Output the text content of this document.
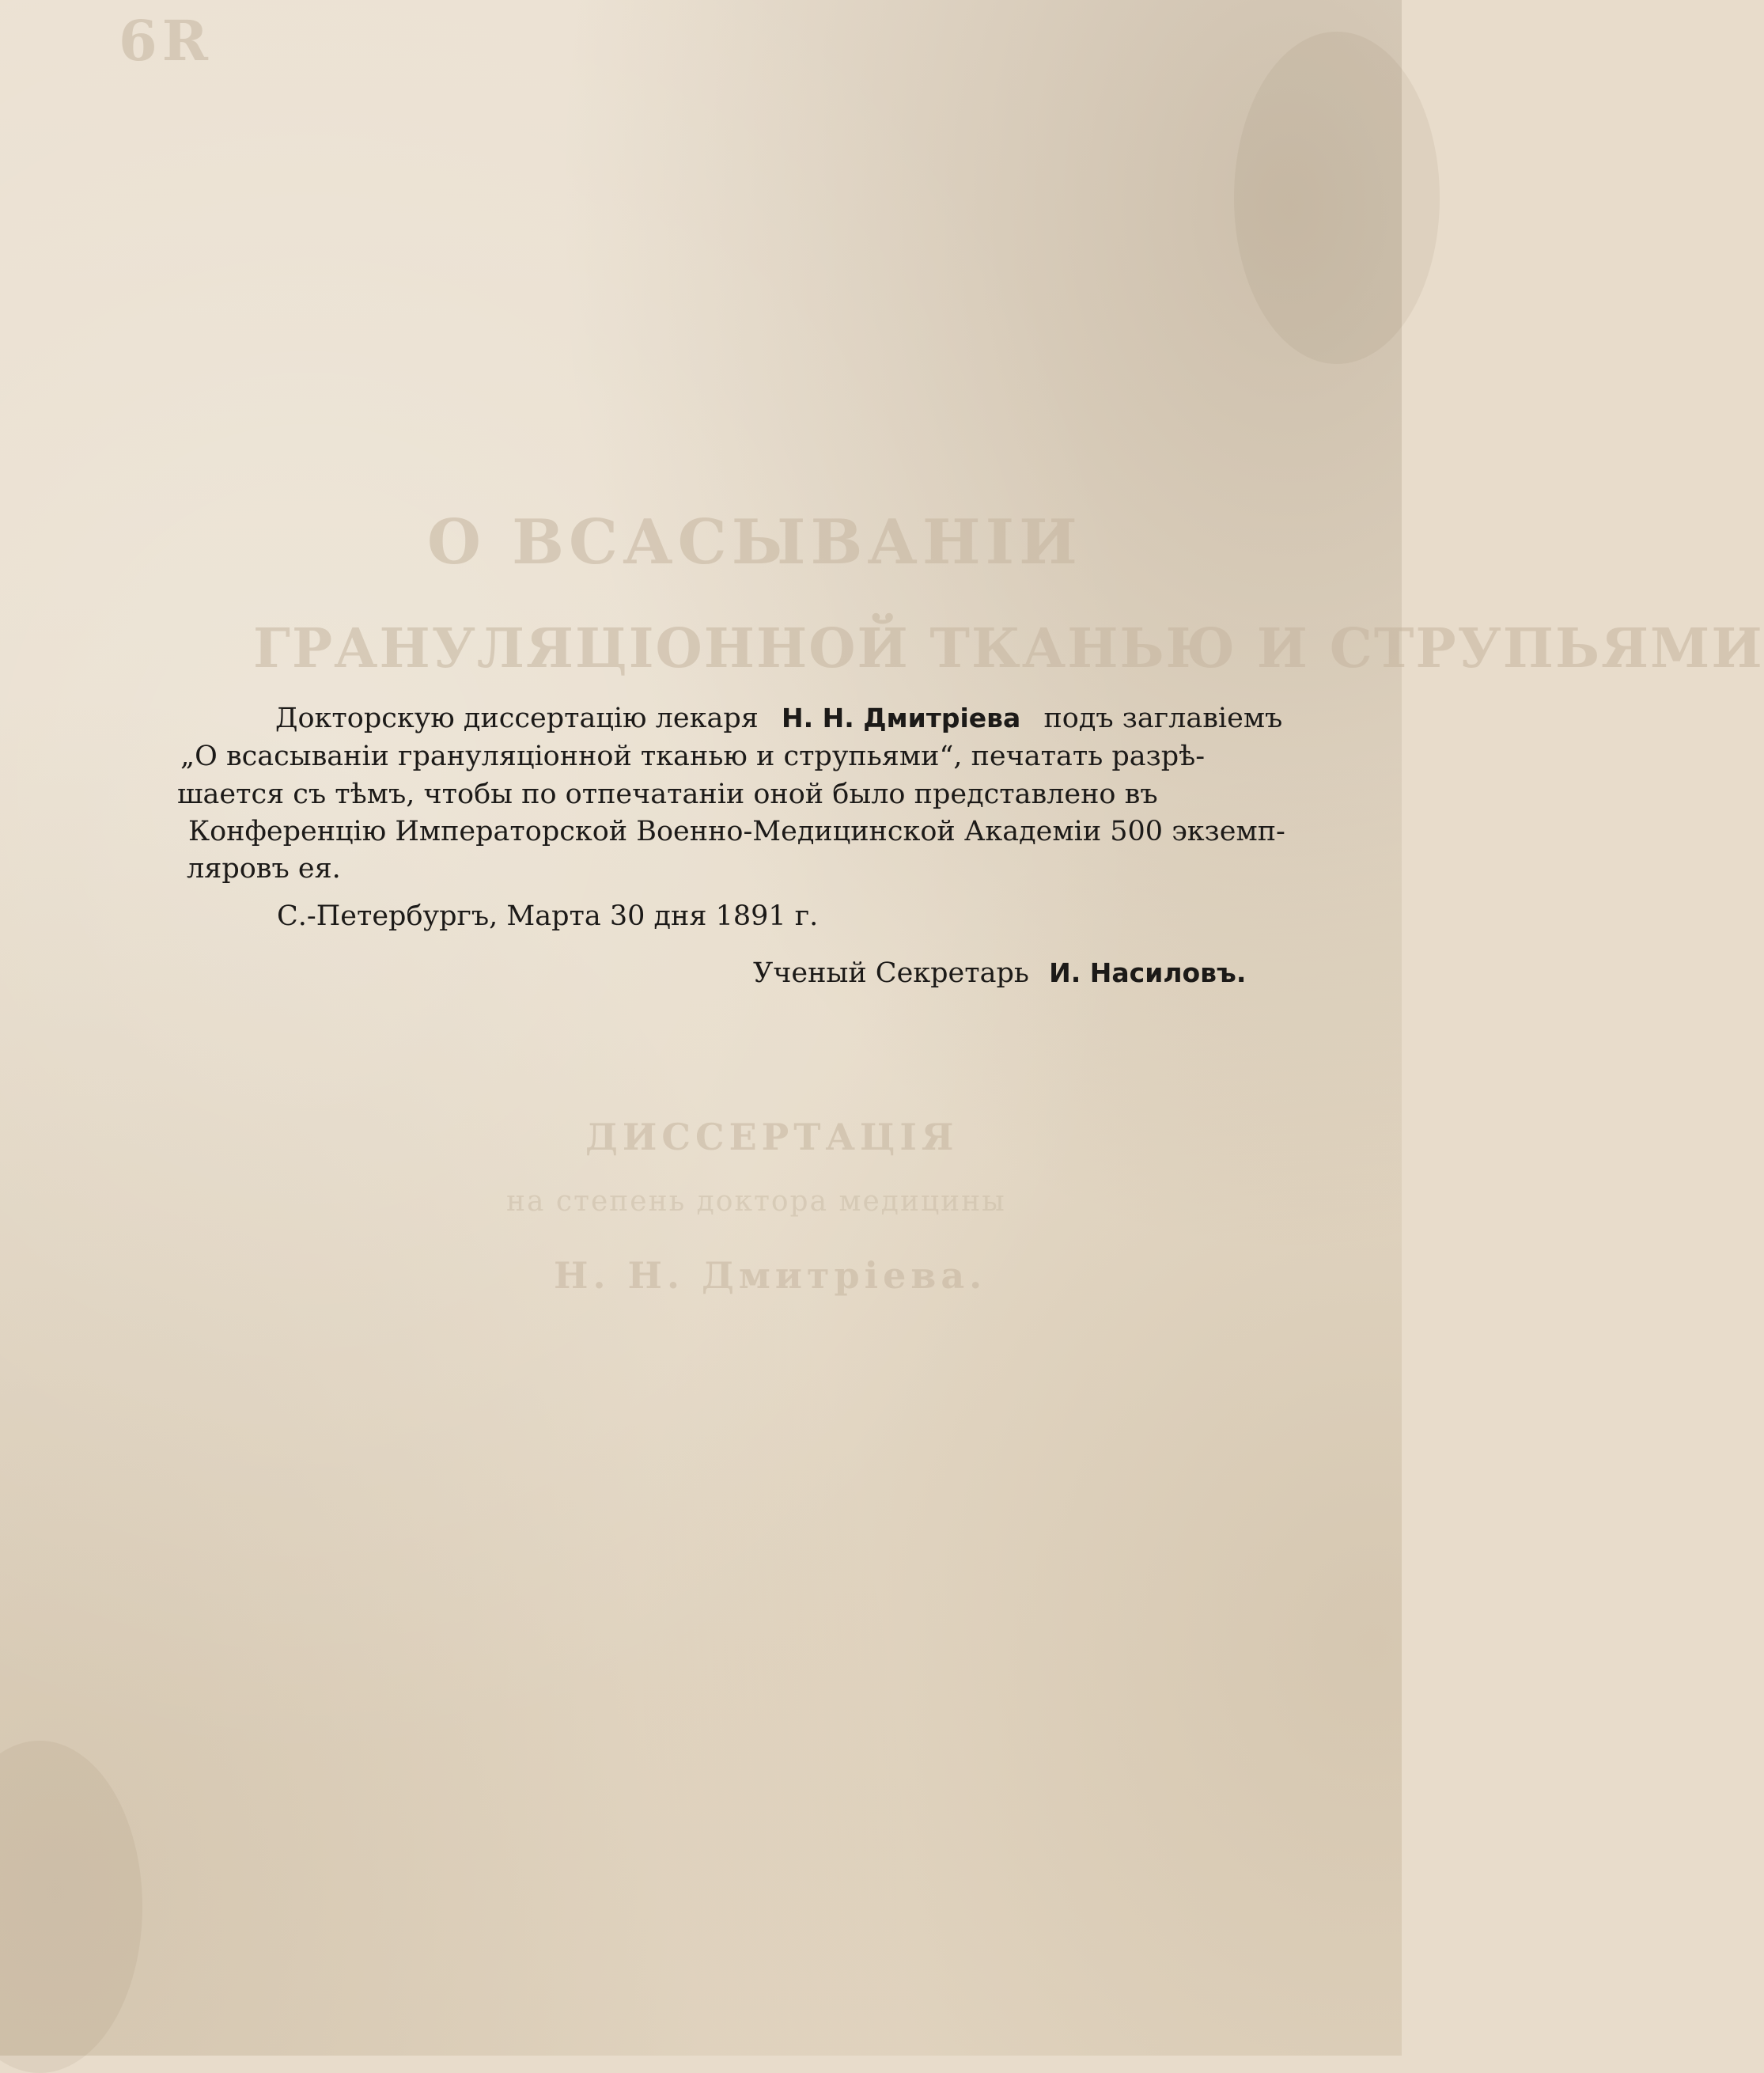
6R
О ВСАСЫВАНІИ
ГРАНУЛЯЦІОННОЙ ТКАНЬЮ И СТРУПЬЯМИ
ДИССЕРТАЦІЯ
на степень доктора медицины
Н. Н. Дмитріева.
Докторскую диссертацію лекаря Н. Н. Дмитріева подъ заглавіемъ
„О всасываніи грануляціонной тканью и струпьями“, печатать разрѣ-
шается съ тѣмъ, чтобы по отпечатаніи оной было представлено въ
Конференцію Императорской Военно-Медицинской Академіи 500 экземп-
ляровъ ея.
С.-Петербургъ, Марта 30 дня 1891 г.
Ученый Секретарь И. Насиловъ.
